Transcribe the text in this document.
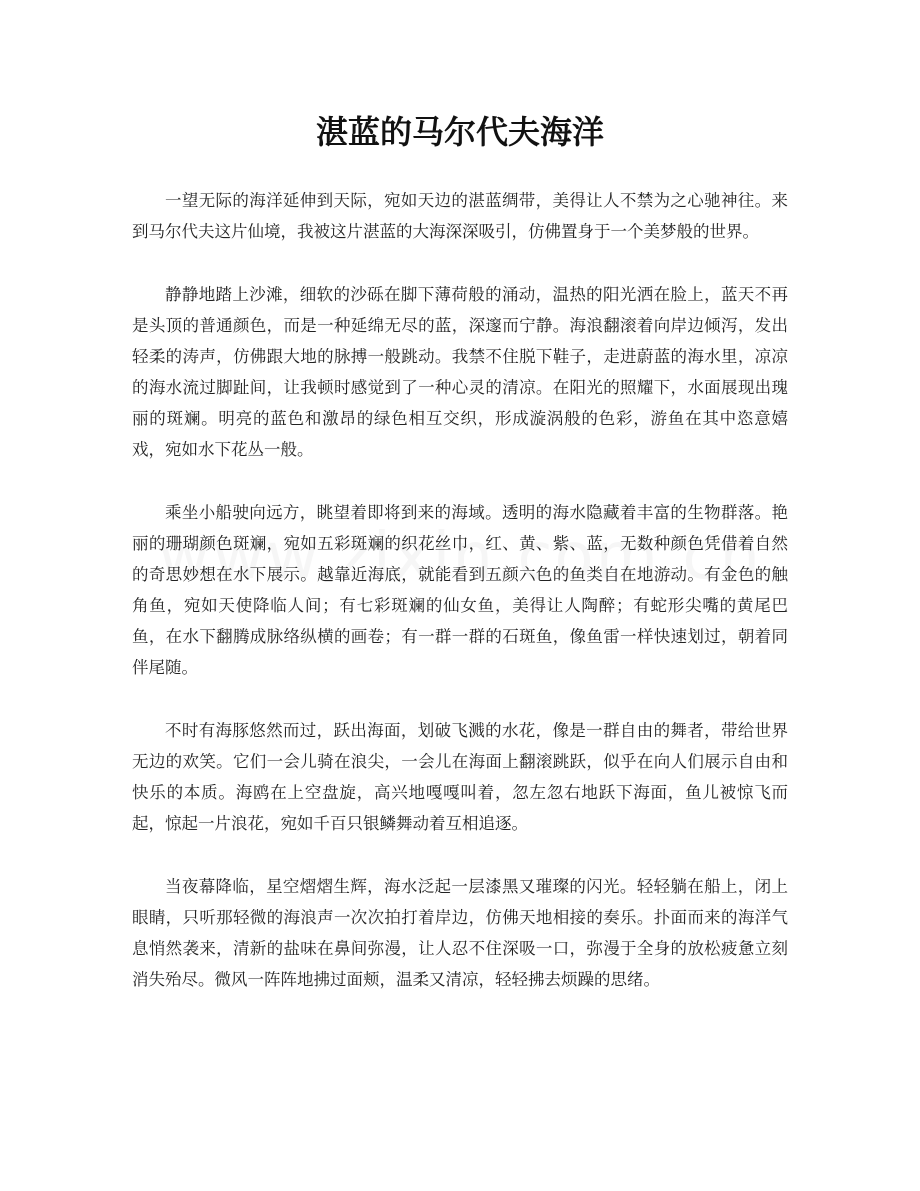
湛蓝的马尔代夫海洋

一望无际的海洋延伸到天际，宛如天边的湛蓝绸带，美得让人不禁为之心驰神往。来到马尔代夫这片仙境，我被这片湛蓝的大海深深吸引，仿佛置身于一个美梦般的世界。

静静地踏上沙滩，细软的沙砾在脚下薄荷般的涌动，温热的阳光洒在脸上，蓝天不再是头顶的普通颜色，而是一种延绵无尽的蓝，深邃而宁静。海浪翻滚着向岸边倾泻，发出轻柔的涛声，仿佛跟大地的脉搏一般跳动。我禁不住脱下鞋子，走进蔚蓝的海水里，凉凉的海水流过脚趾间，让我顿时感觉到了一种心灵的清凉。在阳光的照耀下，水面展现出瑰丽的斑斓。明亮的蓝色和激昂的绿色相互交织，形成漩涡般的色彩，游鱼在其中恣意嬉戏，宛如水下花丛一般。

乘坐小船驶向远方，眺望着即将到来的海域。透明的海水隐藏着丰富的生物群落。艳丽的珊瑚颜色斑斓，宛如五彩斑斓的织花丝巾，红、黄、紫、蓝，无数种颜色凭借着自然的奇思妙想在水下展示。越靠近海底，就能看到五颜六色的鱼类自在地游动。有金色的触角鱼，宛如天使降临人间；有七彩斑斓的仙女鱼，美得让人陶醉；有蛇形尖嘴的黄尾巴鱼，在水下翻腾成脉络纵横的画卷；有一群一群的石斑鱼，像鱼雷一样快速划过，朝着同伴尾随。

不时有海豚悠然而过，跃出海面，划破飞溅的水花，像是一群自由的舞者，带给世界无边的欢笑。它们一会儿骑在浪尖，一会儿在海面上翻滚跳跃，似乎在向人们展示自由和快乐的本质。海鸥在上空盘旋，高兴地嘎嘎叫着，忽左忽右地跃下海面，鱼儿被惊飞而起，惊起一片浪花，宛如千百只银鳞舞动着互相追逐。

当夜幕降临，星空熠熠生辉，海水泛起一层漆黑又璀璨的闪光。轻轻躺在船上，闭上眼睛，只听那轻微的海浪声一次次拍打着岸边，仿佛天地相接的奏乐。扑面而来的海洋气息悄然袭来，清新的盐味在鼻间弥漫，让人忍不住深吸一口，弥漫于全身的放松疲惫立刻消失殆尽。微风一阵阵地拂过面颊，温柔又清凉，轻轻拂去烦躁的思绪。
